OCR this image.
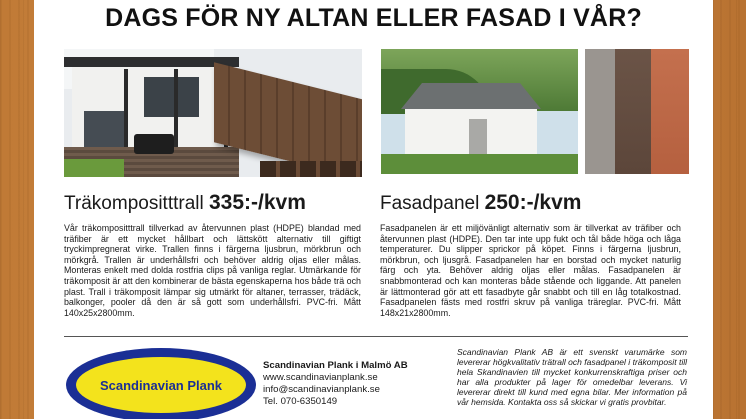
DAGS FÖR NY ALTAN ELLER FASAD I VÅR?
Träkompositttrall 335:-/kvm	Fasadpanel 250:-/kvm
Vår träkompositttrall tillverkad av återvunnen plast (HDPE) blandad med träfiber är ett mycket hållbart och lättskött alternativ till giftigt tryckimpregnerat virke. Trallen finns i färgerna ljusbrun, mörkbrun och mörkgrå. Trallen är underhållsfri och behöver aldrig oljas eller målas. Monteras enkelt med dolda rostfria clips på vanliga reglar. Utmärkande för träkomposit är att den kombinerar de bästa egenskaperna hos både trä och plast. Trall i träkomposit lämpar sig utmärkt för altaner, terrasser, trädäck, balkonger, pooler då den är så gott som underhållsfri. PVC-fri. Mått 140x25x2800mm.
Fasadpanelen är ett miljövänligt alternativ som är tillverkat av träfiber och återvunnen plast (HDPE). Den tar inte upp fukt och tål både höga och låga temperaturer. Du slipper sprickor på köpet. Finns i färgerna ljusbrun, mörkbrun, och ljusgrå. Fasadpanelen har en borstad och mycket naturlig färg och yta. Behöver aldrig oljas eller målas. Fasadpanelen är snabbmonterad och kan monteras både stående och liggande. Att panelen är lättmonterad gör att ett fasadbyte går snabbt och till en låg totalkostnad. Fasadpanelen fästs med rostfri skruv på vanliga träreglar. PVC-fri. Mått 148x21x2800mm.
Scandinavian Plank
Scandinavian Plank i Malmö AB
www.scandinavianplank.se
info@scandinavianplank.se
Tel. 070-6350149
Scandinavian Plank AB är ett svenskt varumärke som levererar högkvalitativ trätrall och fasadpanel i träkomposit till hela Skandinavien till mycket konkurrenskraftiga priser och har alla produkter på lager för omedelbar leverans. Vi levererar direkt till kund med egna bilar. Mer information på vår hemsida. Kontakta oss så skickar vi gratis provbitar.
